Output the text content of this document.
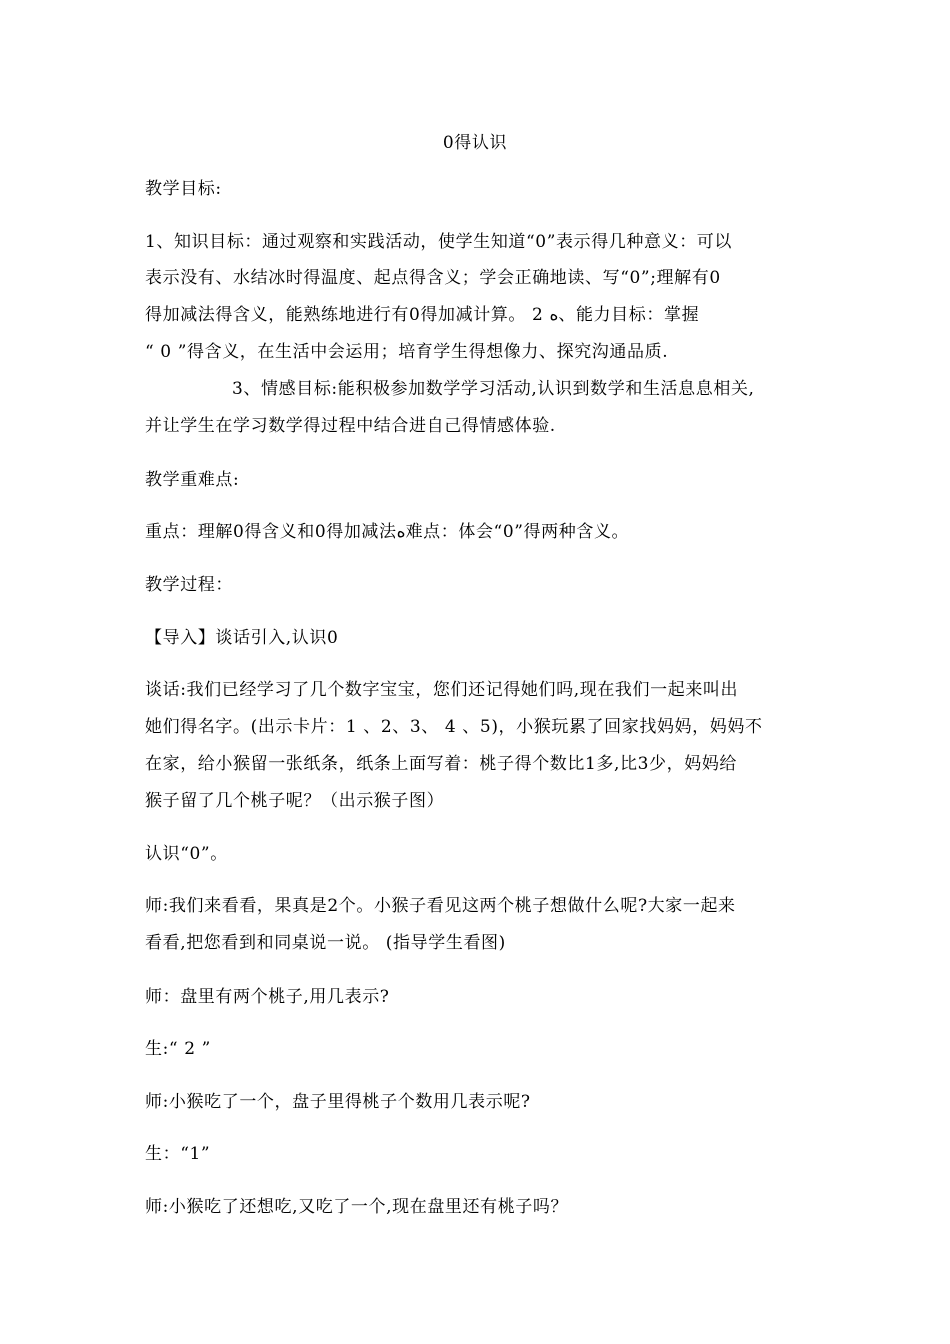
0得认识
教学目标:
1、知识目标：通过观察和实践活动，使学生知道“0”表示得几种意义：可以
表示没有、水结冰时得温度、起点得含义；学会正确地读、写“0”;理解有0
得加减法得含义，能熟练地进行有0得加减计算。 2 ﻩ、能力目标：掌握
“ 0 ”得含义，在生活中会运用；培育学生得想像力、探究沟通品质.
3、情感目标:能积极参加数学学习活动,认识到数学和生活息息相关,
并让学生在学习数学得过程中结合进自己得情感体验.
教学重难点:
重点：理解0得含义和0得加减法ﻩ难点：体会“0”得两种含义。
教学过程：
【导入】谈话引入,认识0
谈话:我们已经学习了几个数字宝宝，您们还记得她们吗,现在我们一起来叫出
她们得名字。(出示卡片：1 、2、3、 4 、5)，小猴玩累了回家找妈妈，妈妈不
在家，给小猴留一张纸条，纸条上面写着：桃子得个数比1多,比3少，妈妈给
猴子留了几个桃子呢？（出示猴子图）
认识“0”。
师:我们来看看，果真是2个。小猴子看见这两个桃子想做什么呢?大家一起来
看看,把您看到和同桌说一说。 (指导学生看图)
师：盘里有两个桃子,用几表示?
生:“ 2 ”
师:小猴吃了一个，盘子里得桃子个数用几表示呢?
生：“1”
师:小猴吃了还想吃,又吃了一个,现在盘里还有桃子吗？
